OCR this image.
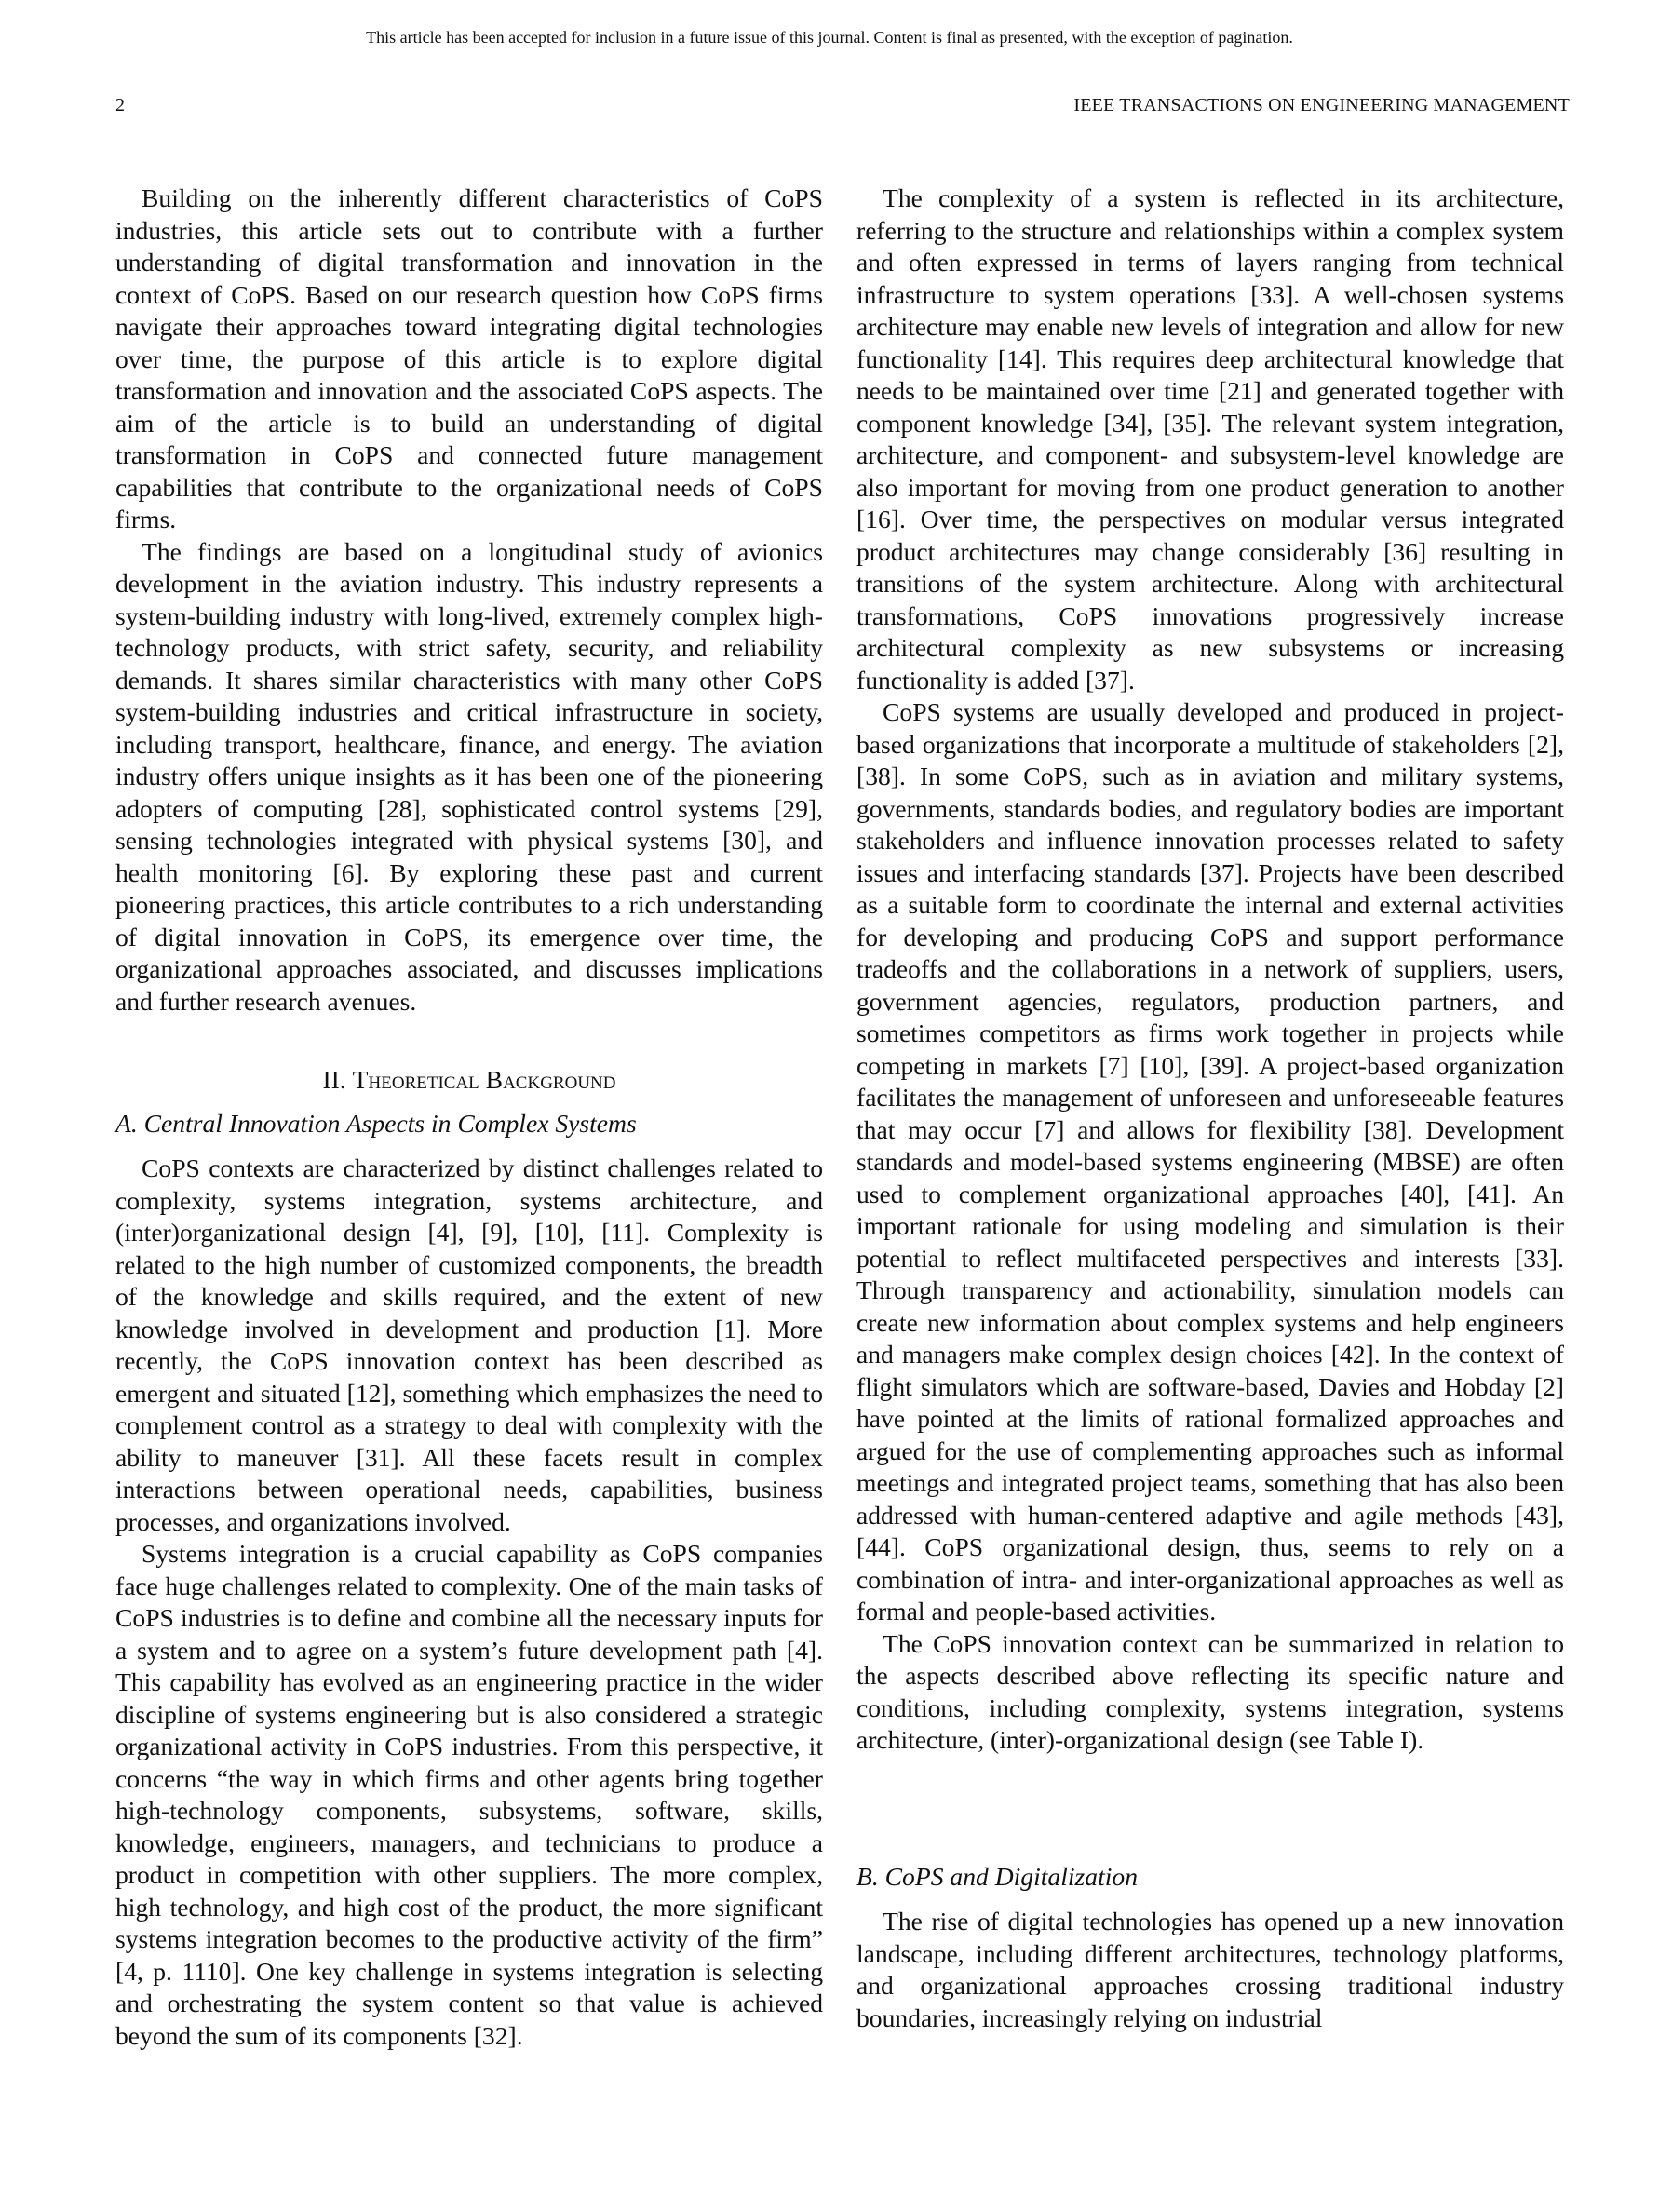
This article has been accepted for inclusion in a future issue of this journal. Content is final as presented, with the exception of pagination.
2	IEEE TRANSACTIONS ON ENGINEERING MANAGEMENT

Building on the inherently different characteristics of CoPS industries, this article sets out to contribute with a further understanding of digital transformation and innovation in the context of CoPS. Based on our research question how CoPS firms navigate their approaches toward integrating digital technologies over time, the purpose of this article is to explore digital transformation and innovation and the associated CoPS aspects. The aim of the article is to build an understanding of digital transformation in CoPS and connected future management capabilities that contribute to the organizational needs of CoPS firms.

The findings are based on a longitudinal study of avionics development in the aviation industry. This industry represents a system-building industry with long-lived, extremely complex high-technology products, with strict safety, security, and reliability demands. It shares similar characteristics with many other CoPS system-building industries and critical infrastructure in society, including transport, healthcare, finance, and energy. The aviation industry offers unique insights as it has been one of the pioneering adopters of computing [28], sophisticated control systems [29], sensing technologies integrated with physical systems [30], and health monitoring [6]. By exploring these past and current pioneering practices, this article contributes to a rich understanding of digital innovation in CoPS, its emergence over time, the organizational approaches associated, and discusses implications and further research avenues.

II. Theoretical Background
A. Central Innovation Aspects in Complex Systems

CoPS contexts are characterized by distinct challenges related to complexity, systems integration, systems architecture, and (inter)organizational design [4], [9], [10], [11]. Complexity is related to the high number of customized components, the breadth of the knowledge and skills required, and the extent of new knowledge involved in development and production [1]. More recently, the CoPS innovation context has been described as emergent and situated [12], something which emphasizes the need to complement control as a strategy to deal with complexity with the ability to maneuver [31]. All these facets result in complex interactions between operational needs, capabilities, business processes, and organizations involved.

Systems integration is a crucial capability as CoPS companies face huge challenges related to complexity. One of the main tasks of CoPS industries is to define and combine all the necessary inputs for a system and to agree on a system’s future development path [4]. This capability has evolved as an engineering practice in the wider discipline of systems engineering but is also considered a strategic organizational activity in CoPS industries. From this perspective, it concerns “the way in which firms and other agents bring together high-technology components, subsystems, software, skills, knowledge, engineers, managers, and technicians to produce a product in competition with other suppliers. The more complex, high technology, and high cost of the product, the more significant systems integration becomes to the productive activity of the firm” [4, p. 1110]. One key challenge in systems integration is selecting and orchestrating the system content so that value is achieved beyond the sum of its components [32].

The complexity of a system is reflected in its architecture, referring to the structure and relationships within a complex system and often expressed in terms of layers ranging from technical infrastructure to system operations [33]. A well-chosen systems architecture may enable new levels of integration and allow for new functionality [14]. This requires deep architectural knowledge that needs to be maintained over time [21] and generated together with component knowledge [34], [35]. The relevant system integration, architecture, and component- and subsystem-level knowledge are also important for moving from one product generation to another [16]. Over time, the perspectives on modular versus integrated product architectures may change considerably [36] resulting in transitions of the system architecture. Along with architectural transformations, CoPS innovations progressively increase architectural complexity as new subsystems or increasing functionality is added [37].

CoPS systems are usually developed and produced in project-based organizations that incorporate a multitude of stakeholders [2], [38]. In some CoPS, such as in aviation and military systems, governments, standards bodies, and regulatory bodies are important stakeholders and influence innovation processes related to safety issues and interfacing standards [37]. Projects have been described as a suitable form to coordinate the internal and external activities for developing and producing CoPS and support performance tradeoffs and the collaborations in a network of suppliers, users, government agencies, regulators, production partners, and sometimes competitors as firms work together in projects while competing in markets [7] [10], [39]. A project-based organization facilitates the management of unforeseen and unforeseeable features that may occur [7] and allows for flexibility [38]. Development standards and model-based systems engineering (MBSE) are often used to complement organizational approaches [40], [41]. An important rationale for using modeling and simulation is their potential to reflect multifaceted perspectives and interests [33]. Through transparency and actionability, simulation models can create new information about complex systems and help engineers and managers make complex design choices [42]. In the context of flight simulators which are software-based, Davies and Hobday [2] have pointed at the limits of rational formalized approaches and argued for the use of complementing approaches such as informal meetings and integrated project teams, something that has also been addressed with human-centered adaptive and agile methods [43], [44]. CoPS organizational design, thus, seems to rely on a combination of intra- and inter-organizational approaches as well as formal and people-based activities.

The CoPS innovation context can be summarized in relation to the aspects described above reflecting its specific nature and conditions, including complexity, systems integration, systems architecture, (inter)-organizational design (see Table I).

B. CoPS and Digitalization

The rise of digital technologies has opened up a new innovation landscape, including different architectures, technology platforms, and organizational approaches crossing traditional industry boundaries, increasingly relying on industrial
